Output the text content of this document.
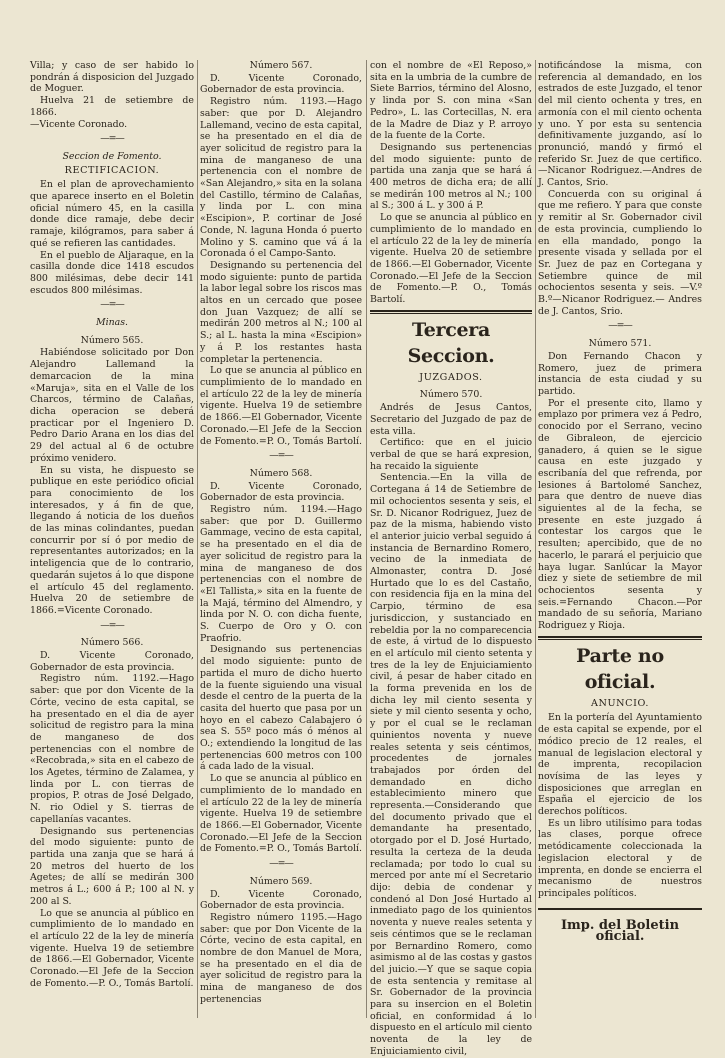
Villa; y caso de ser habido lo pondrán á disposicion del Juzgado de Moguer.

Huelva 21 de setiembre de 1866.

—Vicente Coronado.

—=—

Seccion de Fomento.

RECTIFICACION.

En el plan de aprovechamiento que aparece inserto en el Boletin oficial número 45, en la casilla donde dice ramaje, debe decir ramaje, kilógramos, para saber á qué se refieren las cantidades.

En el pueblo de Aljaraque, en la casilla donde dice 1418 escudos 800 milésimas, debe decir 141 escudos 800 milésimas.

—=—

Minas.

Número 565.

Habiéndose solicitado por Don Alejandro Lallemand la demarcacion de la mina «Maruja», sita en el Valle de los Charcos, término de Calañas, dicha operacion se deberá practicar por el Ingeniero D. Pedro Dario Arana en los dias del 29 del actual al 6 de octubre próximo venidero.

En su vista, he dispuesto se publique en este periódico oficial para conocimiento de los interesados, y á fin de que, llegando á noticia de los dueños de las minas colindantes, puedan concurrir por sí ó por medio de representantes autorizados; en la inteligencia que de lo contrario, quedarán sujetos á lo que dispone el artículo 45 del reglamento. Huelva 20 de setiembre de 1866.=Vicente Coronado.

—=—

Número 566.

D. Vicente Coronado, Gobernador de esta provincia.

Registro núm. 1192.—Hago saber: que por don Vicente de la Córte, vecino de esta capital, se ha presentado en el dia de ayer solicitud de registro para la mina de manganeso de dos pertenencias con el nombre de «Recobrada,» sita en el cabezo de los Agetes, término de Zalamea, y linda por L. con tierras de propios, P. otras de José Delgado, N. rio Odiel y S. tierras de capellanías vacantes.

Designando sus pertenencias del modo siguiente: punto de partida una zanja que se hará á 20 metros del huerto de los Agetes; de allí se medirán 300 metros á L.; 600 á P.; 100 al N. y 200 al S.

Lo que se anuncia al público en cumplimiento de lo mandado en el artículo 22 de la ley de minería vigente. Huelva 19 de setiembre de 1866.—El Gobernador, Vicente Coronado.—El Jefe de la Seccion de Fomento.—P. O., Tomás Bartolí.

Número 567.

D. Vicente Coronado, Gobernador de esta provincia.

Registro núm. 1193.—Hago saber: que por D. Alejandro Lallemand, vecino de esta capital, se ha presentado en el dia de ayer solicitud de registro para la mina de manganeso de una pertenencia con el nombre de «San Alejandro,» sita en la solana del Castillo, término de Calañas, y linda por L. con mina «Escipion», P. cortinar de José Conde, N. laguna Honda ó puerto Molino y S. camino que vá á la Coronada ó el Campo-Santo.

Designando su pertenencia del modo siguiente: punto de partida la labor legal sobre los riscos mas altos en un cercado que posee don Juan Vazquez; de allí se medirán 200 metros al N.; 100 al S.; al L. hasta la mina «Escipion» y á P. los restantes hasta completar la pertenencia.

Lo que se anuncia al público en cumplimiento de lo mandado en el artículo 22 de la ley de minería vigente. Huelva 19 de setiembre de 1866.—El Gobernador, Vicente Coronado.—El Jefe de la Seccion de Fomento.=P. O., Tomás Bartolí.

—=—

Número 568.

D. Vicente Coronado, Gobernador de esta provincia.

Registro núm. 1194.—Hago saber: que por D. Guillermo Gammage, vecino de esta capital, se ha presentado en el dia de ayer solicitud de registro para la mina de manganeso de dos pertenencias con el nombre de «El Tallista,» sita en la fuente de la Majá, término del Almendro, y linda por N. O. con dicha fuente, S. Cuerpo de Oro y O. con Praofrio.

Designando sus pertenencias del modo siguiente: punto de partida el muro de dicho huerto de la fuente siguiendo una visual desde el centro de la puerta de la casita del huerto que pasa por un hoyo en el cabezo Calabajero ó sea S. 55º poco más ó ménos al O.; extendiendo la longitud de las pertenencias 600 metros con 100 á cada lado de la visual.

Lo que se anuncia al público en cumplimiento de lo mandado en el artículo 22 de la ley de minería vigente. Huelva 19 de setiembre de 1866.—El Gobernador, Vicente Coronado.—El Jefe de la Seccion de Fomento.=P. O., Tomás Bartolí.

—=—

Número 569.

D. Vicente Coronado, Gobernador de esta provincia.

Registro número 1195.—Hago saber: que por Don Vicente de la Córte, vecino de esta capital, en nombre de don Manuel de Mora, se ha presentado en el dia de ayer solicitud de registro para la mina de manganeso de dos pertenencias

con el nombre de «El Reposo,» sita en la umbria de la cumbre de Siete Barrios, término del Alosno, y linda por S. con mina «San Pedro», L. las Cortecillas, N. era de la Madre de Diaz y P. arroyo de la fuente de la Corte.

Designando sus pertenencias del modo siguiente: punto de partida una zanja que se hará á 400 metros de dicha era; de allí se medirán 100 metros al N.; 100 al S.; 300 á L. y 300 á P.

Lo que se anuncia al público en cumplimiento de lo mandado en el artículo 22 de la ley de minería vigente. Huelva 20 de setiembre de 1866.—El Gobernador, Vicente Coronado.—El Jefe de la Seccion de Fomento.—P. O., Tomás Bartolí.

Tercera Seccion.

JUZGADOS.

Número 570.

Andrés de Jesus Cantos, Secretario del Juzgado de paz de esta villa.

Certifico: que en el juicio verbal de que se hará expresion, ha recaido la siguiente

Sentencia.—En la villa de Cortegana á 14 de Setiembre de mil ochocientos sesenta y seis, el Sr. D. Nicanor Rodriguez, Juez de paz de la misma, habiendo visto el anterior juicio verbal seguido á instancia de Bernardino Romero, vecino de la inmediata de Almonaster, contra D. José Hurtado que lo es del Castaño, con residencia fija en la mina del Carpio, término de esa jurisdiccion, y sustanciado en rebeldia por la no comparecencia de este, á virtud de lo dispuesto en el artículo mil ciento setenta y tres de la ley de Enjuiciamiento civil, á pesar de haber citado en la forma prevenida en los de dicha ley mil ciento sesenta y siete y mil ciento sesenta y ocho, y por el cual se le reclaman quinientos noventa y nueve reales setenta y seis céntimos, procedentes de jornales trabajados por órden del demandado en dicho establecimiento minero que representa.—Considerando que del documento privado que el demandante ha presentado, otorgado por el D. José Hurtado, resulta la certeza de la deuda reclamada; por todo lo cual su merced por ante mí el Secretario dijo: debia de condenar y condenó al Don José Hurtado al inmediato pago de los quinientos noventa y nueve reales setenta y seis céntimos que se le reclaman por Bernardino Romero, como asimismo al de las costas y gastos del juicio.—Y que se saque copia de esta sentencia y remitase al Sr. Gobernador de la provincia para su insercion en el Boletin oficial, en conformidad á lo dispuesto en el artículo mil ciento noventa de la ley de Enjuiciamiento civil,

notificándose la misma, con referencia al demandado, en los estrados de este Juzgado, el tenor del mil ciento ochenta y tres, en armonía con el mil ciento ochenta y uno. Y por esta su sentencia definitivamente juzgando, así lo pronunció, mandó y firmó el referido Sr. Juez de que certifico.—Nicanor Rodriguez.—Andres de J. Cantos, Srio.

Concuerda con su original á que me refiero. Y para que conste y remitir al Sr. Gobernador civil de esta provincia, cumpliendo lo en ella mandado, pongo la presente visada y sellada por el Sr. Juez de paz en Cortegana y Setiembre quince de mil ochocientos sesenta y seis. —V.º B.º—Nicanor Rodriguez.— Andres de J. Cantos, Srio.

—=—

Número 571.

Don Fernando Chacon y Romero, juez de primera instancia de esta ciudad y su partido.

Por el presente cito, llamo y emplazo por primera vez á Pedro, conocido por el Serrano, vecino de Gibraleon, de ejercicio ganadero, á quien se le sigue causa en este juzgado y escribanía del que refrenda, por lesiones á Bartolomé Sanchez, para que dentro de nueve dias siguientes al de la fecha, se presente en este juzgado á contestar los cargos que le resulten; apercibido, que de no hacerlo, le parará el perjuicio que haya lugar. Sanlúcar la Mayor diez y siete de setiembre de mil ochocientos sesenta y seis.=Fernando Chacon.—Por mandado de su señoría, Mariano Rodriguez y Rioja.

Parte no oficial.

ANUNCIO.

En la portería del Ayuntamiento de esta capital se expende, por el módico precio de 12 reales, el manual de legislacion electoral y de imprenta, recopilacion novísima de las leyes y disposiciones que arreglan en España el ejercicio de los derechos políticos.

Es un libro utilísimo para todas las clases, porque ofrece metódicamente coleccionada la legislacion electoral y de imprenta, en donde se encierra el mecanismo de nuestros principales políticos.

Imp. del Boletin oficial.
